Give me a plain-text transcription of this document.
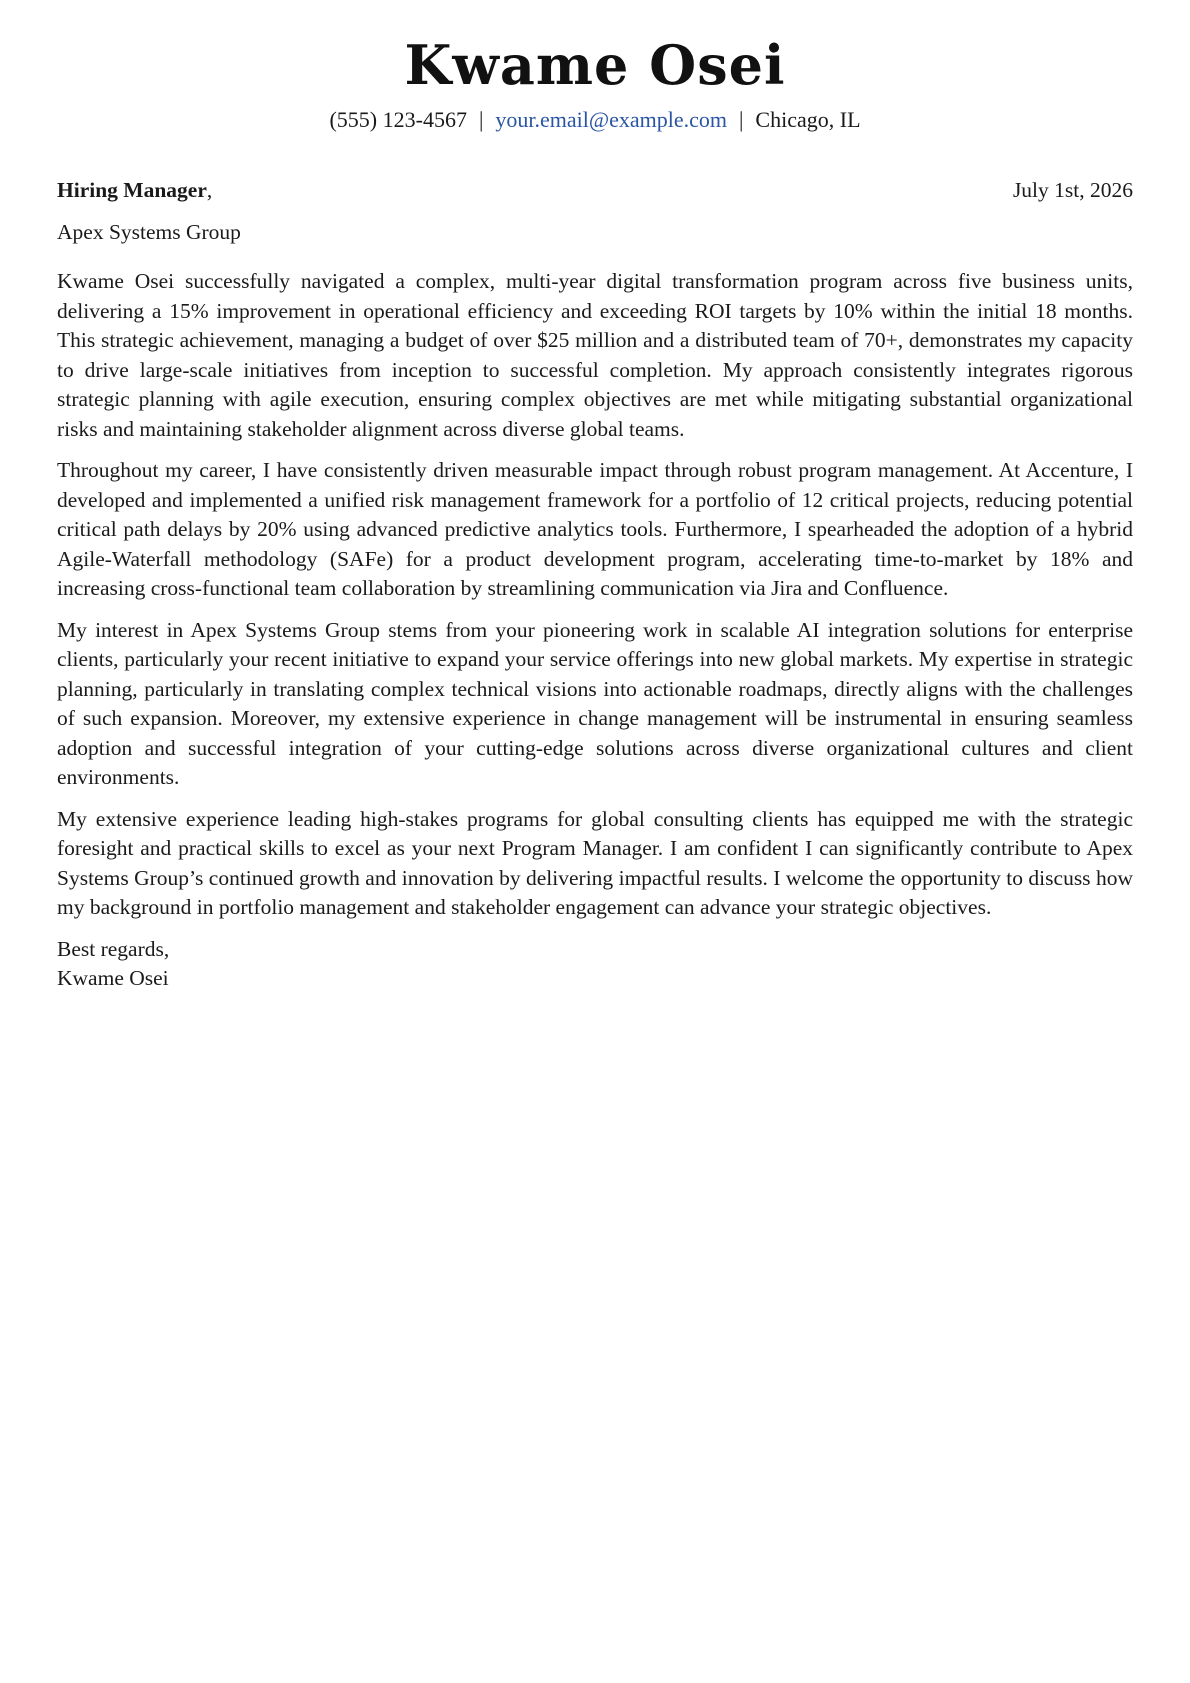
Kwame Osei
(555) 123-4567 | your.email@example.com | Chicago, IL
Hiring Manager,	July 1st, 2026
Apex Systems Group

Kwame Osei successfully navigated a complex, multi-year digital transformation program across five business units, delivering a 15% improvement in operational efficiency and exceeding ROI targets by 10% within the initial 18 months. This strategic achievement, managing a budget of over $25 million and a distributed team of 70+, demonstrates my capacity to drive large-scale initiatives from inception to successful completion. My approach consistently integrates rigorous strategic planning with agile execution, ensuring complex objectives are met while mitigating substantial organizational risks and maintaining stakeholder alignment across diverse global teams.

Throughout my career, I have consistently driven measurable impact through robust program management. At Accenture, I developed and implemented a unified risk management framework for a portfolio of 12 critical projects, reducing potential critical path delays by 20% using advanced predictive analytics tools. Furthermore, I spearheaded the adoption of a hybrid Agile-Waterfall methodology (SAFe) for a product development program, accelerating time-to-market by 18% and increasing cross-functional team collaboration by streamlining communication via Jira and Confluence.

My interest in Apex Systems Group stems from your pioneering work in scalable AI integration solutions for enterprise clients, particularly your recent initiative to expand your service offerings into new global markets. My expertise in strategic planning, particularly in translating complex technical visions into actionable roadmaps, directly aligns with the challenges of such expansion. Moreover, my extensive experience in change management will be instrumental in ensuring seamless adoption and successful integration of your cutting-edge solutions across diverse organizational cultures and client environments.

My extensive experience leading high-stakes programs for global consulting clients has equipped me with the strategic foresight and practical skills to excel as your next Program Manager. I am confident I can significantly contribute to Apex Systems Group’s continued growth and innovation by delivering impactful results. I welcome the opportunity to discuss how my background in portfolio management and stakeholder engagement can advance your strategic objectives.

Best regards,
Kwame Osei
